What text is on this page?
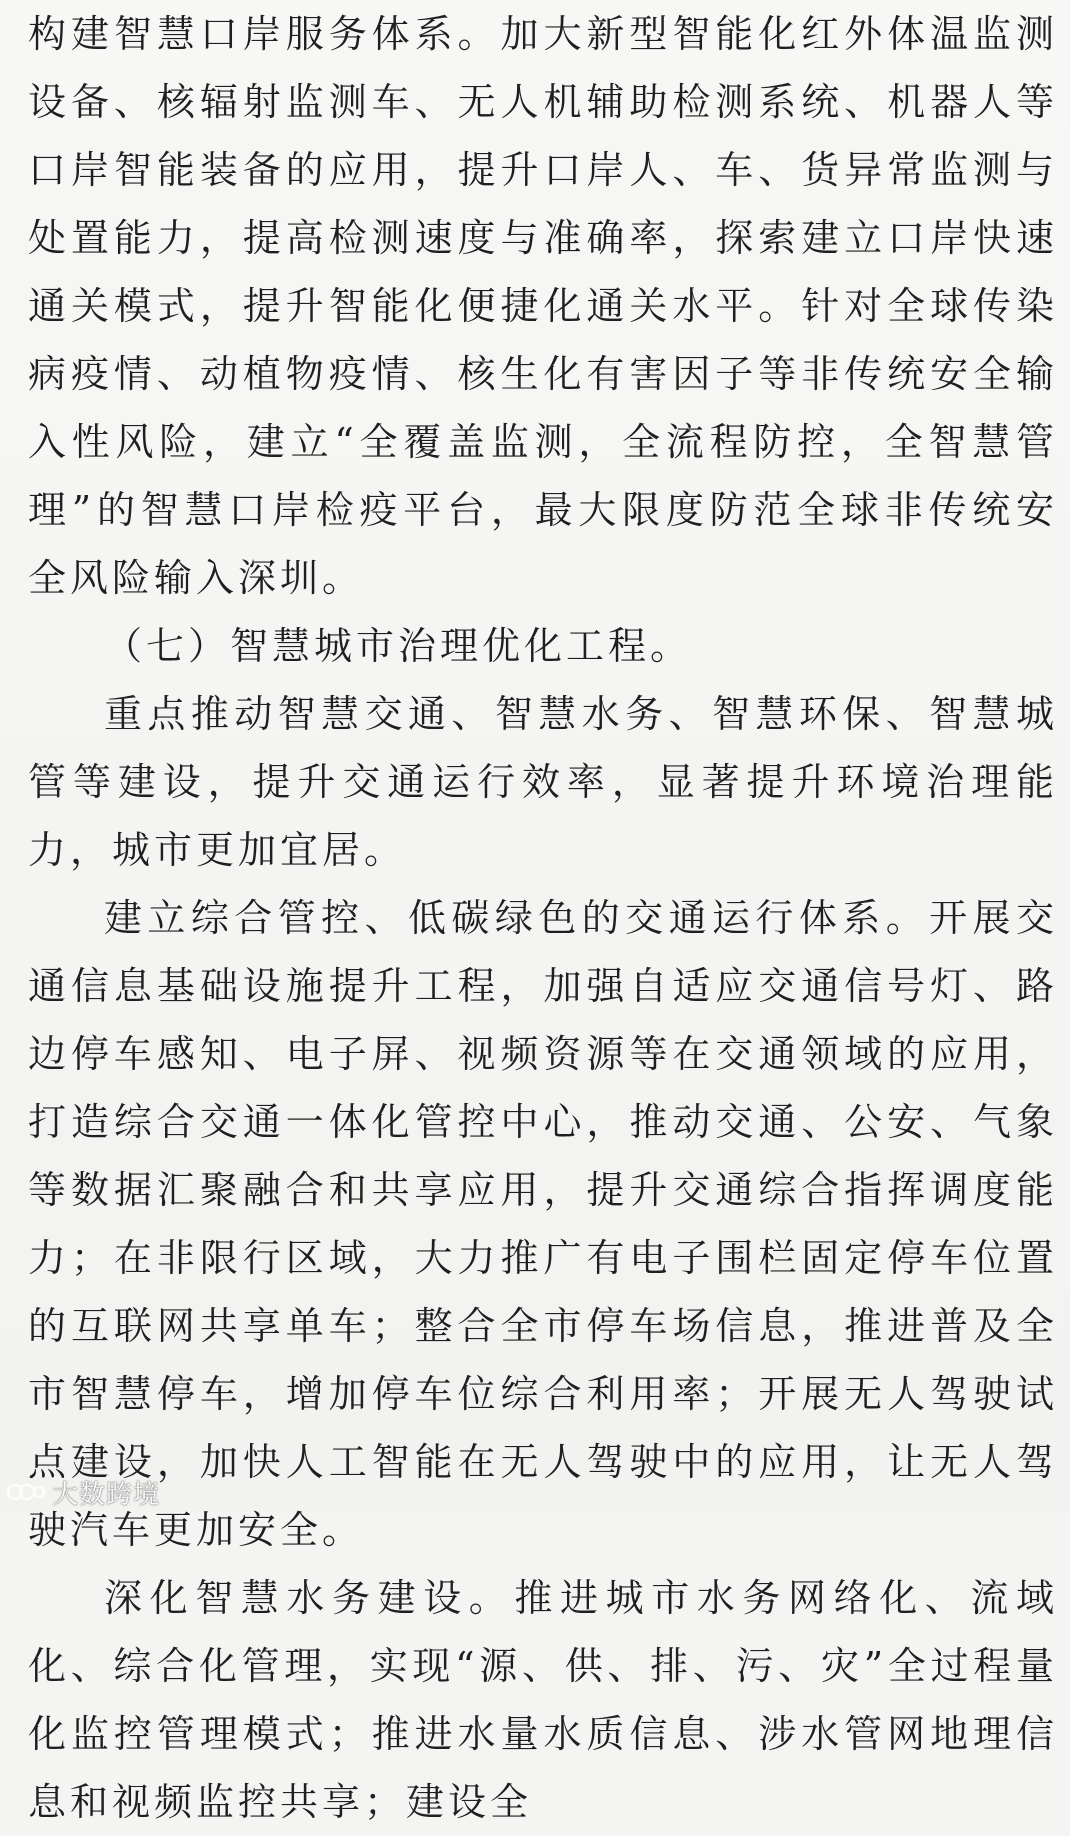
构建智慧口岸服务体系。加大新型智能化红外体温监测设备、核辐射监测车、无人机辅助检测系统、机器人等口岸智能装备的应用，提升口岸人、车、货异常监测与处置能力，提高检测速度与准确率，探索建立口岸快速通关模式，提升智能化便捷化通关水平。针对全球传染病疫情、动植物疫情、核生化有害因子等非传统安全输入性风险，建立“全覆盖监测，全流程防控，全智慧管理”的智慧口岸检疫平台，最大限度防范全球非传统安全风险输入深圳。

（七）智慧城市治理优化工程。

重点推动智慧交通、智慧水务、智慧环保、智慧城管等建设，提升交通运行效率，显著提升环境治理能力，城市更加宜居。

建立综合管控、低碳绿色的交通运行体系。开展交通信息基础设施提升工程，加强自适应交通信号灯、路边停车感知、电子屏、视频资源等在交通领域的应用，打造综合交通一体化管控中心，推动交通、公安、气象等数据汇聚融合和共享应用，提升交通综合指挥调度能力；在非限行区域，大力推广有电子围栏固定停车位置的互联网共享单车；整合全市停车场信息，推进普及全市智慧停车，增加停车位综合利用率；开展无人驾驶试点建设，加快人工智能在无人驾驶中的应用，让无人驾驶汽车更加安全。

深化智慧水务建设。推进城市水务网络化、流域化、综合化管理，实现“源、供、排、污、灾”全过程量化监控管理模式；推进水量水质信息、涉水管网地理信息和视频监控共享；建设全

大数跨境
